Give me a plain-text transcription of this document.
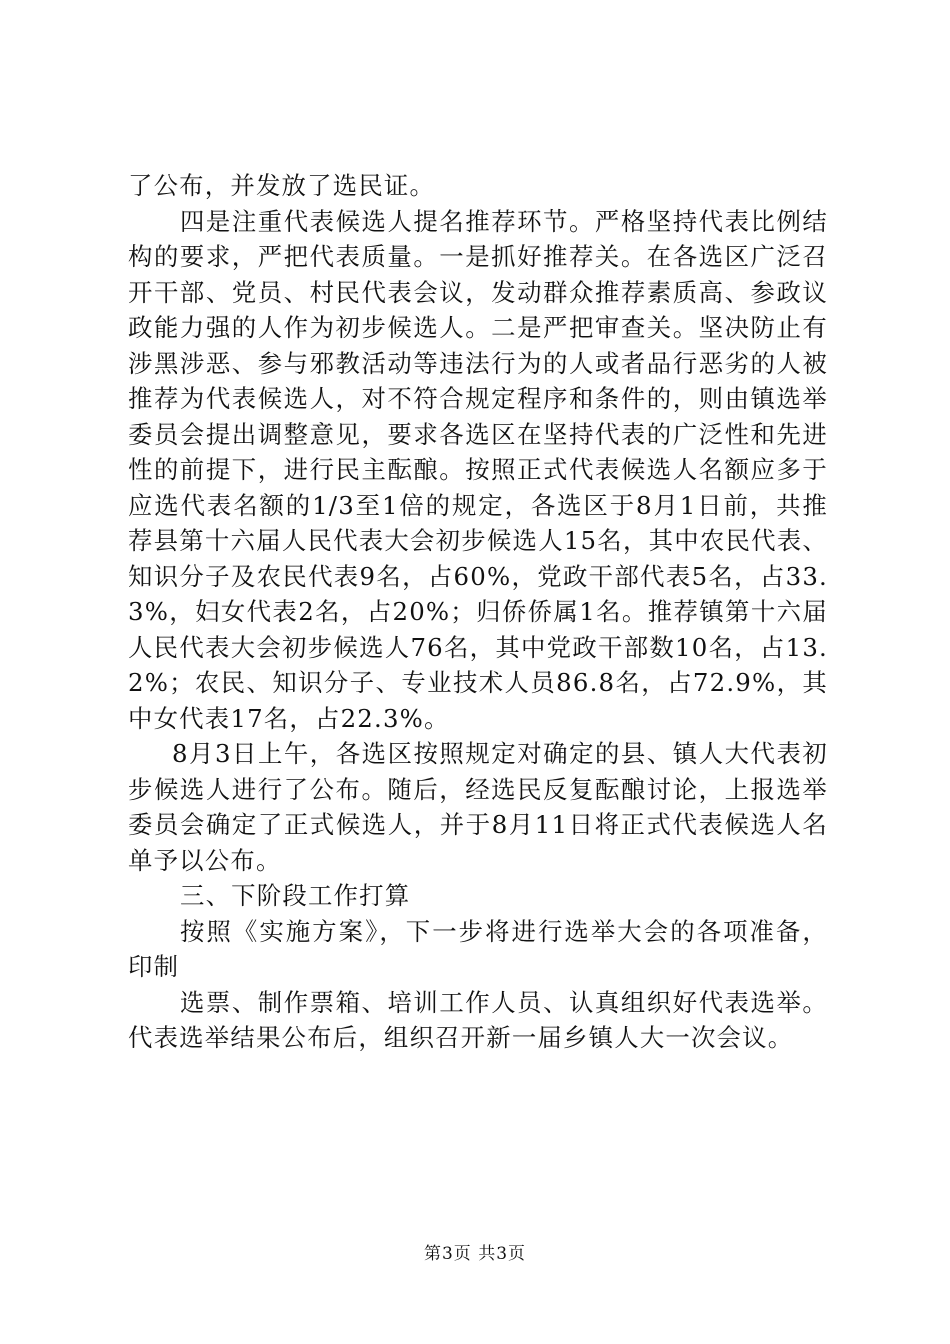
了公布，并发放了选民证。

四是注重代表候选人提名推荐环节。严格坚持代表比例结构的要求，严把代表质量。一是抓好推荐关。在各选区广泛召开干部、党员、村民代表会议，发动群众推荐素质高、参政议政能力强的人作为初步候选人。二是严把审查关。坚决防止有涉黑涉恶、参与邪教活动等违法行为的人或者品行恶劣的人被推荐为代表候选人，对不符合规定程序和条件的，则由镇选举委员会提出调整意见，要求各选区在坚持代表的广泛性和先进性的前提下，进行民主酝酿。按照正式代表候选人名额应多于应选代表名额的1/3至1倍的规定，各选区于8月1日前，共推荐县第十六届人民代表大会初步候选人15名，其中农民代表、知识分子及农民代表9名，占60%，党政干部代表5名，占33.3%，妇女代表2名，占20%；归侨侨属1名。推荐镇第十六届人民代表大会初步候选人76名，其中党政干部数10名，占13.2%；农民、知识分子、专业技术人员86.8名，占72.9%，其中女代表17名，占22.3%。

8月3日上午，各选区按照规定对确定的县、镇人大代表初步候选人进行了公布。随后，经选民反复酝酿讨论，上报选举委员会确定了正式候选人，并于8月11日将正式代表候选人名单予以公布。

三、下阶段工作打算

按照《实施方案》，下一步将进行选举大会的各项准备，印制

选票、制作票箱、培训工作人员、认真组织好代表选举。代表选举结果公布后，组织召开新一届乡镇人大一次会议。

第3页 共3页
